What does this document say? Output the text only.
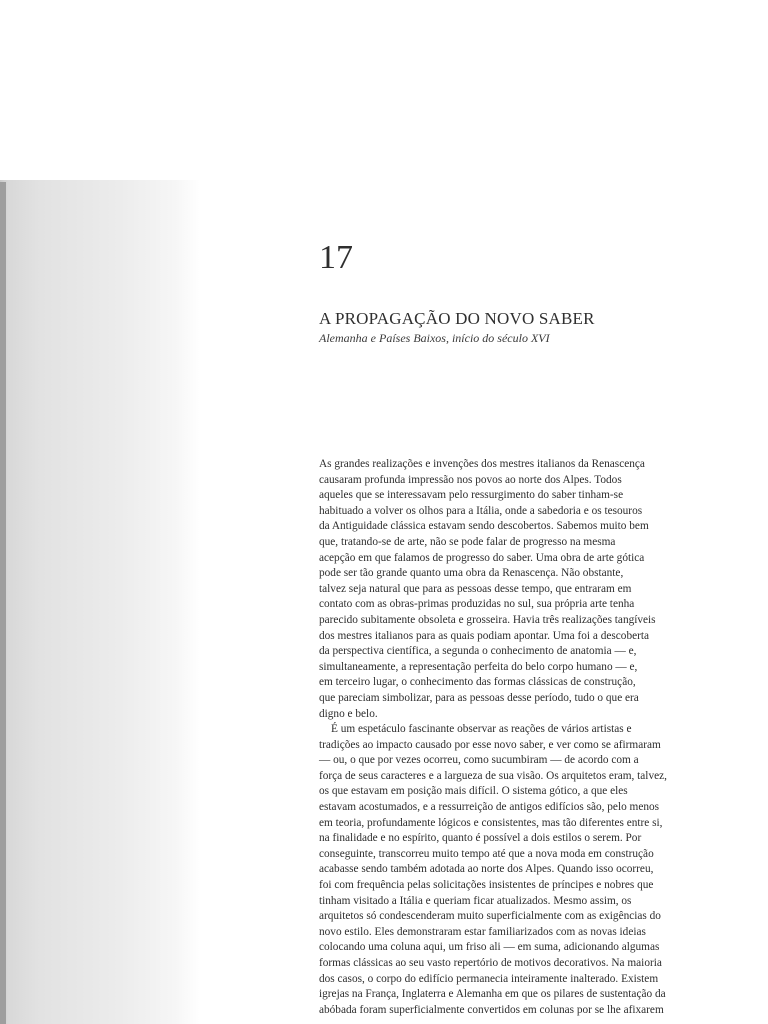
17
A PROPAGAÇÃO DO NOVO SABER

Alemanha e Países Baixos, início do século XVI

As grandes realizações e invenções dos mestres italianos da Renascença
causaram profunda impressão nos povos ao norte dos Alpes. Todos
aqueles que se interessavam pelo ressurgimento do saber tinham-se
habituado a volver os olhos para a Itália, onde a sabedoria e os tesouros
da Antiguidade clássica estavam sendo descobertos. Sabemos muito bem
que, tratando-se de arte, não se pode falar de progresso na mesma
acepção em que falamos de progresso do saber. Uma obra de arte gótica
pode ser tão grande quanto uma obra da Renascença. Não obstante,
talvez seja natural que para as pessoas desse tempo, que entraram em
contato com as obras-primas produzidas no sul, sua própria arte tenha
parecido subitamente obsoleta e grosseira. Havia três realizações tangíveis
dos mestres italianos para as quais podiam apontar. Uma foi a descoberta
da perspectiva científica, a segunda o conhecimento de anatomia — e,
simultaneamente, a representação perfeita do belo corpo humano — e,
em terceiro lugar, o conhecimento das formas clássicas de construção,
que pareciam simbolizar, para as pessoas desse período, tudo o que era
digno e belo.
É um espetáculo fascinante observar as reações de vários artistas e
tradições ao impacto causado por esse novo saber, e ver como se afirmaram
— ou, o que por vezes ocorreu, como sucumbiram — de acordo com a
força de seus caracteres e a largueza de sua visão. Os arquitetos eram, talvez,
os que estavam em posição mais difícil. O sistema gótico, a que eles
estavam acostumados, e a ressurreição de antigos edifícios são, pelo menos
em teoria, profundamente lógicos e consistentes, mas tão diferentes entre si,
na finalidade e no espírito, quanto é possível a dois estilos o serem. Por
conseguinte, transcorreu muito tempo até que a nova moda em construção
acabasse sendo também adotada ao norte dos Alpes. Quando isso ocorreu,
foi com frequência pelas solicitações insistentes de príncipes e nobres que
tinham visitado a Itália e queriam ficar atualizados. Mesmo assim, os
arquitetos só condescenderam muito superficialmente com as exigências do
novo estilo. Eles demonstraram estar familiarizados com as novas ideias
colocando uma coluna aqui, um friso ali — em suma, adicionando algumas
formas clássicas ao seu vasto repertório de motivos decorativos. Na maioria
dos casos, o corpo do edifício permanecia inteiramente inalterado. Existem
igrejas na França, Inglaterra e Alemanha em que os pilares de sustentação da
abóbada foram superficialmente convertidos em colunas por se lhe afixarem
